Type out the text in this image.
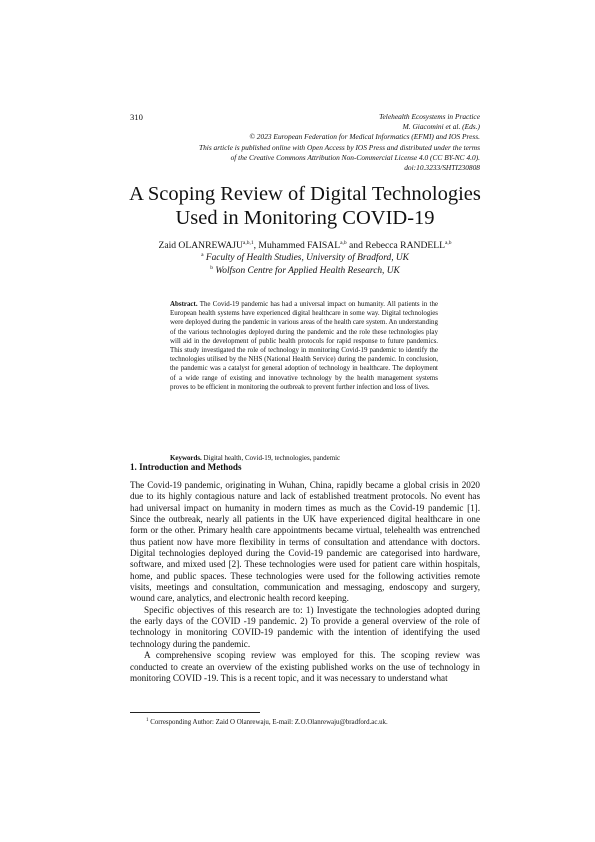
310	Telehealth Ecosystems in Practice
M. Giacomini et al. (Eds.)
© 2023 European Federation for Medical Informatics (EFMI) and IOS Press.
This article is published online with Open Access by IOS Press and distributed under the terms
of the Creative Commons Attribution Non-Commercial License 4.0 (CC BY-NC 4.0).
doi:10.3233/SHTI230808
A Scoping Review of Digital Technologies
Used in Monitoring COVID-19
Zaid OLANREWAJU$^{a,b,1}$, Muhammed FAISAL$^{a,b}$ and Rebecca RANDELL$^{a,b}$
$^a$ Faculty of Health Studies, University of Bradford, UK
$^b$ Wolfson Centre for Applied Health Research, UK
Abstract. The Covid-19 pandemic has had a universal impact on humanity. All patients in the European health systems have experienced digital healthcare in some way. Digital technologies were deployed during the pandemic in various areas of the health care system. An understanding of the various technologies deployed during the pandemic and the role these technologies play will aid in the development of public health protocols for rapid response to future pandemics. This study investigated the role of technology in monitoring Covid-19 pandemic to identify the technologies utilised by the NHS (National Health Service) during the pandemic. In conclusion, the pandemic was a catalyst for general adoption of technology in healthcare. The deployment of a wide range of existing and innovative technology by the health management systems proves to be efficient in monitoring the outbreak to prevent further infection and loss of lives.
Keywords. Digital health, Covid-19, technologies, pandemic
1. Introduction and Methods

The Covid-19 pandemic, originating in Wuhan, China, rapidly became a global crisis in 2020 due to its highly contagious nature and lack of established treatment protocols. No event has had universal impact on humanity in modern times as much as the Covid-19 pandemic [1]. Since the outbreak, nearly all patients in the UK have experienced digital healthcare in one form or the other. Primary health care appointments became virtual, telehealth was entrenched thus patient now have more flexibility in terms of consultation and attendance with doctors. Digital technologies deployed during the Covid-19 pandemic are categorised into hardware, software, and mixed used [2]. These technologies were used for patient care within hospitals, home, and public spaces. These technologies were used for the following activities remote visits, meetings and consultation, communication and messaging, endoscopy and surgery, wound care, analytics, and electronic health record keeping.

Specific objectives of this research are to: 1) Investigate the technologies adopted during the early days of the COVID -19 pandemic. 2) To provide a general overview of the role of technology in monitoring COVID-19 pandemic with the intention of identifying the used technology during the pandemic.

A comprehensive scoping review was employed for this. The scoping review was conducted to create an overview of the existing published works on the use of technology in monitoring COVID -19. This is a recent topic, and it was necessary to understand what

$^1$ Corresponding Author: Zaid O Olanrewaju, E-mail: Z.O.Olanrewaju@bradford.ac.uk.
